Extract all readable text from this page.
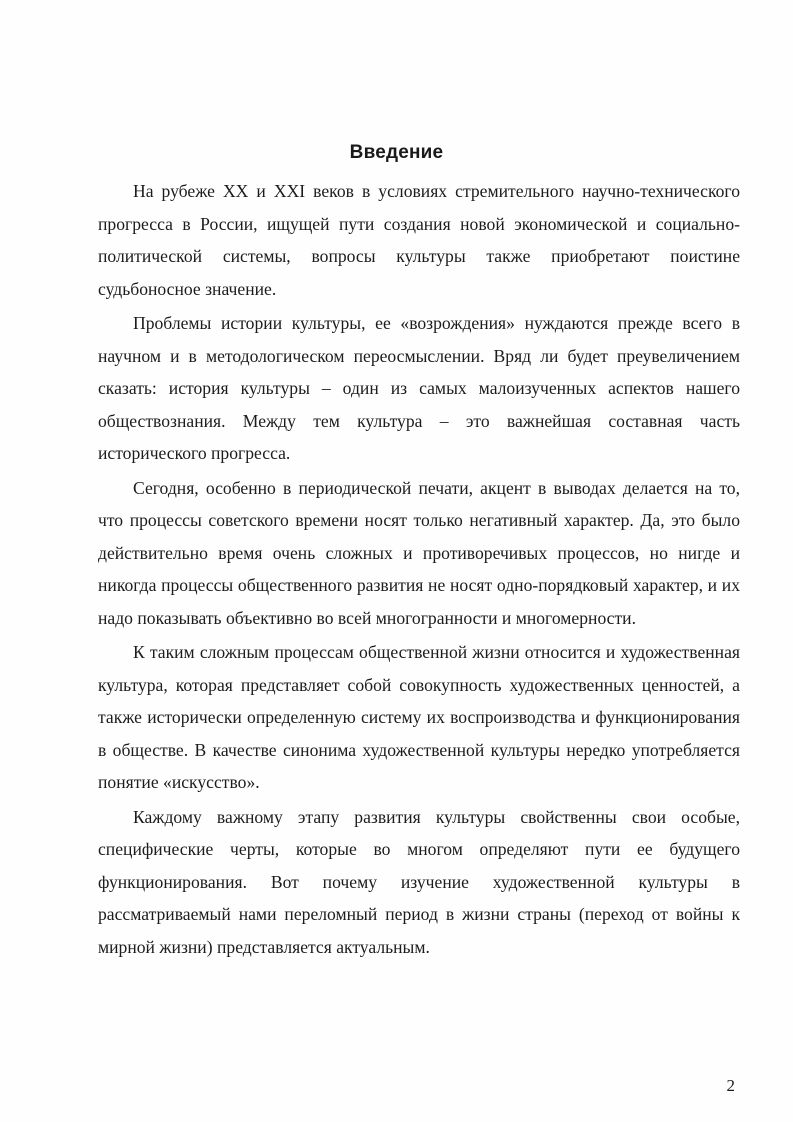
Введение

На рубеже XX и XXI веков в условиях стремительного научно-технического прогресса в России, ищущей пути создания новой экономической и социально-политической системы, вопросы культуры также приобретают поистине судьбоносное значение.

Проблемы истории культуры, ее «возрождения» нуждаются прежде всего в научном и в методологическом переосмыслении. Вряд ли будет преувеличением сказать: история культуры – один из самых малоизученных аспектов нашего обществознания. Между тем культура – это важнейшая составная часть исторического прогресса.

Сегодня, особенно в периодической печати, акцент в выводах делается на то, что процессы советского времени носят только негативный характер. Да, это было действительно время очень сложных и противоречивых процессов, но нигде и никогда процессы общественного развития не носят одно-порядковый характер, и их надо показывать объективно во всей многогранности и многомерности.

К таким сложным процессам общественной жизни относится и художественная культура, которая представляет собой совокупность художественных ценностей, а также исторически определенную систему их воспроизводства и функционирования в обществе. В качестве синонима художественной культуры нередко употребляется понятие «искусство».

Каждому важному этапу развития культуры свойственны свои особые, специфические черты, которые во многом определяют пути ее будущего функционирования. Вот почему изучение художественной культуры в рассматриваемый нами переломный период в жизни страны (переход от войны к мирной жизни) представляется актуальным.

2
